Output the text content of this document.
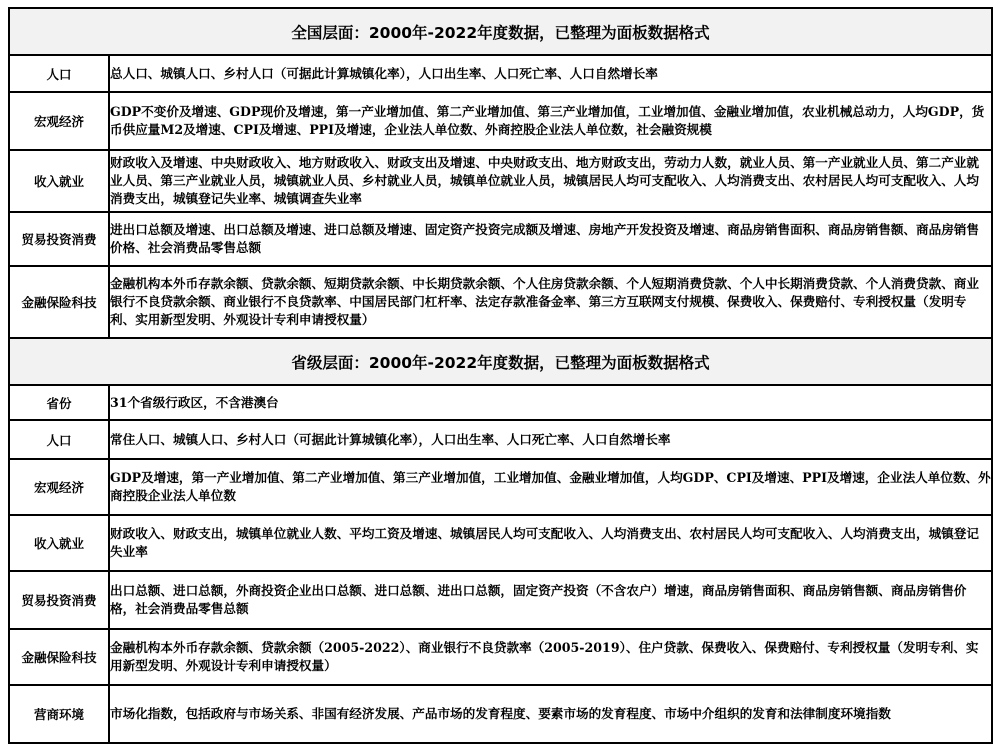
全国层面：2000年-2022年度数据，已整理为面板数据格式	
人口	总人口、城镇人口、乡村人口（可据此计算城镇化率），人口出生率、人口死亡率、人口自然增长率
宏观经济	GDP不变价及增速、GDP现价及增速，第一产业增加值、第二产业增加值、第三产业增加值，工业增加值、金融业增加值，农业机械总动力，人均GDP，货币供应量M2及增速、CPI及增速、PPI及增速，企业法人单位数、外商控股企业法人单位数，社会融资规模
收入就业	财政收入及增速、中央财政收入、地方财政收入、财政支出及增速、中央财政支出、地方财政支出，劳动力人数，就业人员、第一产业就业人员、第二产业就业人员、第三产业就业人员，城镇就业人员、乡村就业人员，城镇单位就业人员，城镇居民人均可支配收入、人均消费支出、农村居民人均可支配收入、人均消费支出，城镇登记失业率、城镇调查失业率
贸易投资消费	进出口总额及增速、出口总额及增速、进口总额及增速、固定资产投资完成额及增速、房地产开发投资及增速、商品房销售面积、商品房销售额、商品房销售价格、社会消费品零售总额
金融保险科技	金融机构本外币存款余额、贷款余额、短期贷款余额、中长期贷款余额、个人住房贷款余额、个人短期消费贷款、个人中长期消费贷款、个人消费贷款、商业银行不良贷款余额、商业银行不良贷款率、中国居民部门杠杆率、法定存款准备金率、第三方互联网支付规模、保费收入、保费赔付、专利授权量（发明专利、实用新型发明、外观设计专利申请授权量）
省级层面：2000年-2022年度数据，已整理为面板数据格式	
省份	31个省级行政区，不含港澳台
人口	常住人口、城镇人口、乡村人口（可据此计算城镇化率），人口出生率、人口死亡率、人口自然增长率
宏观经济	GDP及增速，第一产业增加值、第二产业增加值、第三产业增加值，工业增加值、金融业增加值，人均GDP、CPI及增速、PPI及增速，企业法人单位数、外商控股企业法人单位数
收入就业	财政收入、财政支出，城镇单位就业人数、平均工资及增速、城镇居民人均可支配收入、人均消费支出、农村居民人均可支配收入、人均消费支出，城镇登记失业率
贸易投资消费	出口总额、进口总额，外商投资企业出口总额、进口总额、进出口总额，固定资产投资（不含农户）增速，商品房销售面积、商品房销售额、商品房销售价格，社会消费品零售总额
金融保险科技	金融机构本外币存款余额、贷款余额（2005-2022）、商业银行不良贷款率（2005-2019）、住户贷款、保费收入、保费赔付、专利授权量（发明专利、实用新型发明、外观设计专利申请授权量）
营商环境	市场化指数，包括政府与市场关系、非国有经济发展、产品市场的发育程度、要素市场的发育程度、市场中介组织的发育和法律制度环境指数
